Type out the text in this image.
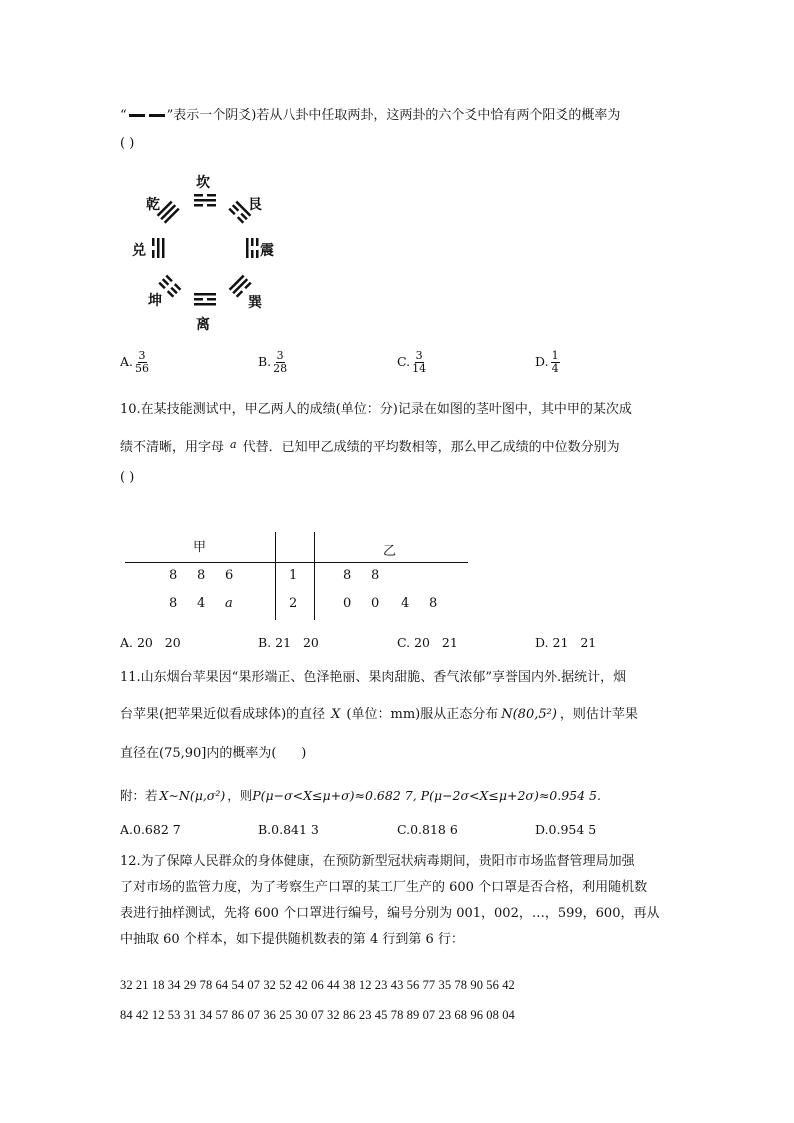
“	”表示一个阴爻)若从八卦中任取两卦，这两卦的六个爻中恰有两个阳爻的概率为
( )
坎
艮
震
巽
离
坤
兑
乾
A. $\frac{3}{56}$	B. $\frac{3}{28}$	C. $\frac{3}{14}$	D. $\frac{1}{4}$
10.在某技能测试中，甲乙两人的成绩(单位：分)记录在如图的茎叶图中，其中甲的某次成
绩不清晰，用字母 $^a$ 代替．已知甲乙成绩的平均数相等，那么甲乙成绩的中位数分别为
( )
甲	乙
8 8 6	1	8 8
8 4 a	2	0 0 4 8
A. 20   20	B. 21   20	C. 20   21	D. 21   21
11.山东烟台苹果因“果形端正、色泽艳丽、果肉甜脆、香气浓郁”享誉国内外.据统计，烟
台苹果(把苹果近似看成球体)的直径 X (单位：mm)服从正态分布 N(80,5²) ，则估计苹果
直径在(75,90]内的概率为(      )
附：若 X∼N(μ,σ²) ，则P(μ−σ<X≤μ+σ)≈0.682 7, P(μ−2σ<X≤μ+2σ)≈0.954 5.
A.0.682 7	B.0.841 3	C.0.818 6	D.0.954 5
12.为了保障人民群众的身体健康，在预防新型冠状病毒期间，贵阳市市场监督管理局加强
了对市场的监管力度，为了考察生产口罩的某工厂生产的 600 个口罩是否合格，利用随机数
表进行抽样测试，先将 600 个口罩进行编号，编号分别为 001，002，…，599，600，再从
中抽取 60 个样本，如下提供随机数表的第 4 行到第 6 行：
32 21 18 34 29 78 64 54 07 32 52 42 06 44 38 12 23 43 56 77 35 78 90 56 42
84 42 12 53 31 34 57 86 07 36 25 30 07 32 86 23 45 78 89 07 23 68 96 08 04
